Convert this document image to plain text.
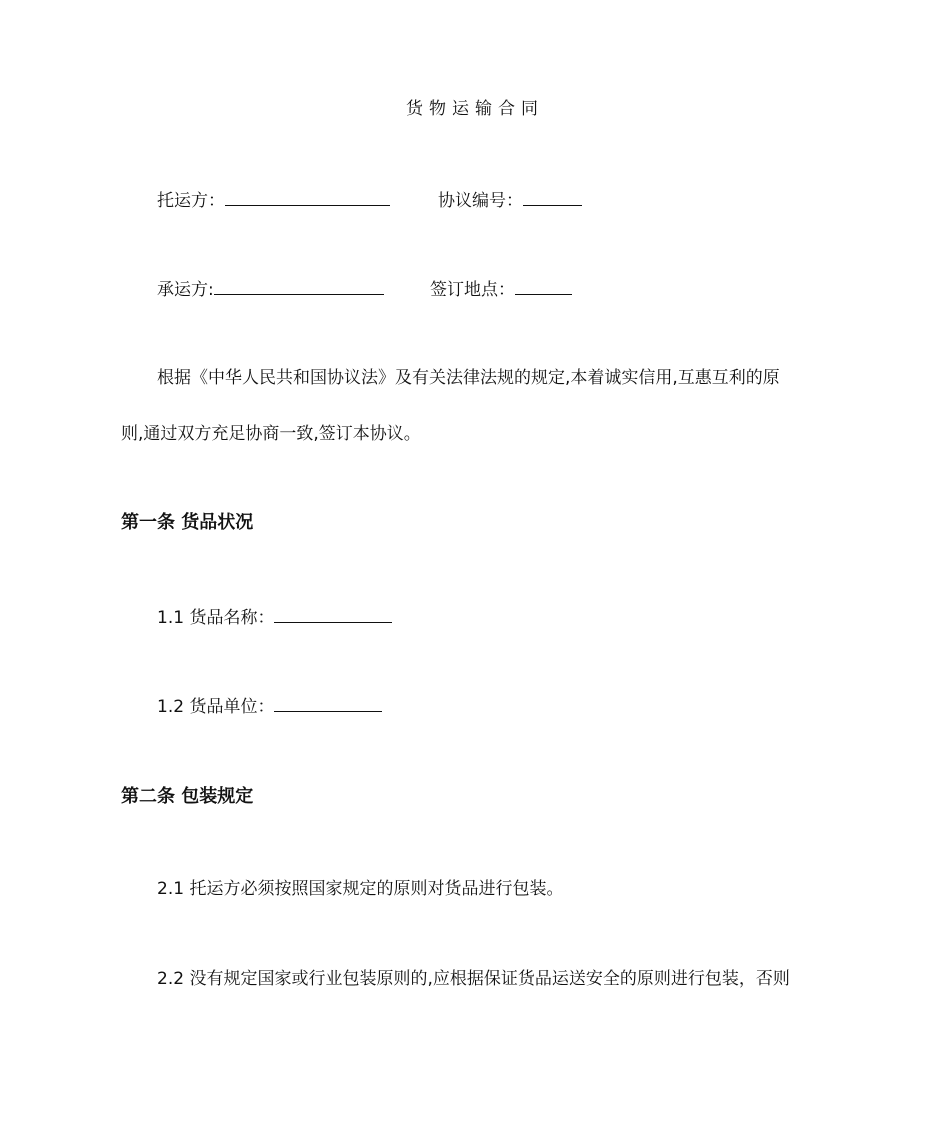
货物运输合同
托运方：	协议编号：
承运方:	签订地点：
根据《中华人民共和国协议法》及有关法律法规的规定,本着诚实信用,互惠互利的原
则,通过双方充足协商一致,签订本协议。
第一条 货品状况
1.1 货品名称：
1.2 货品单位：
第二条 包装规定
2.1 托运方必须按照国家规定的原则对货品进行包装。
2.2 没有规定国家或行业包装原则的,应根据保证货品运送安全的原则进行包装，否则
